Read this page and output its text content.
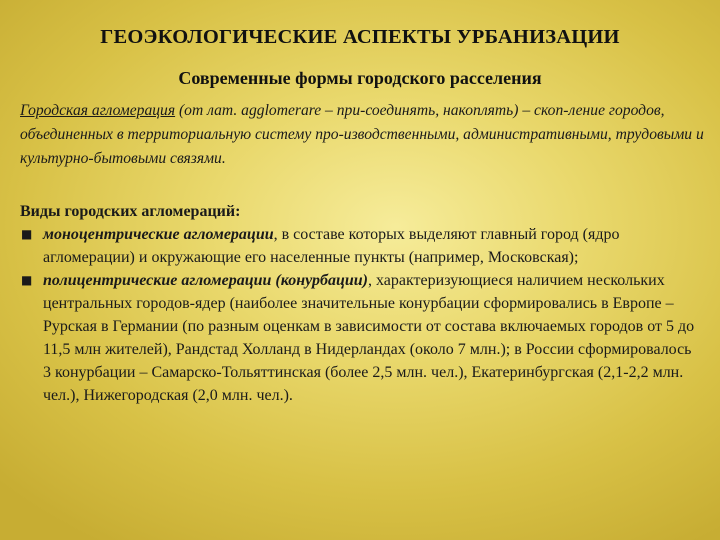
ГЕОЭКОЛОГИЧЕСКИЕ АСПЕКТЫ УРБАНИЗАЦИИ
Современные формы городского расселения
Городская агломерация (от лат. agglomerare – при-соединять, накоплять) – скоп-ление городов, объединенных в территориальную систему про-изводственными, административными, трудовыми и культурно-бытовыми связями.
Виды городских агломераций:
■ моноцентрические агломерации, в составе которых выделяют главный город (ядро агломерации) и окружающие его населенные пункты (например, Московская);
■ полицентрические агломерации (конурбации), характеризующиеся наличием нескольких центральных городов-ядер (наиболее значительные конурбации сформировались в Европе – Рурская в Германии (по разным оценкам в зависимости от состава включаемых городов от 5 до 11,5 млн жителей), Рандстад Холланд в Нидерландах (около 7 млн.); в России сформировалось 3 конурбации – Самарско-Тольяттинская (более 2,5 млн. чел.), Екатеринбургская (2,1-2,2 млн. чел.), Нижегородская (2,0 млн. чел.).
